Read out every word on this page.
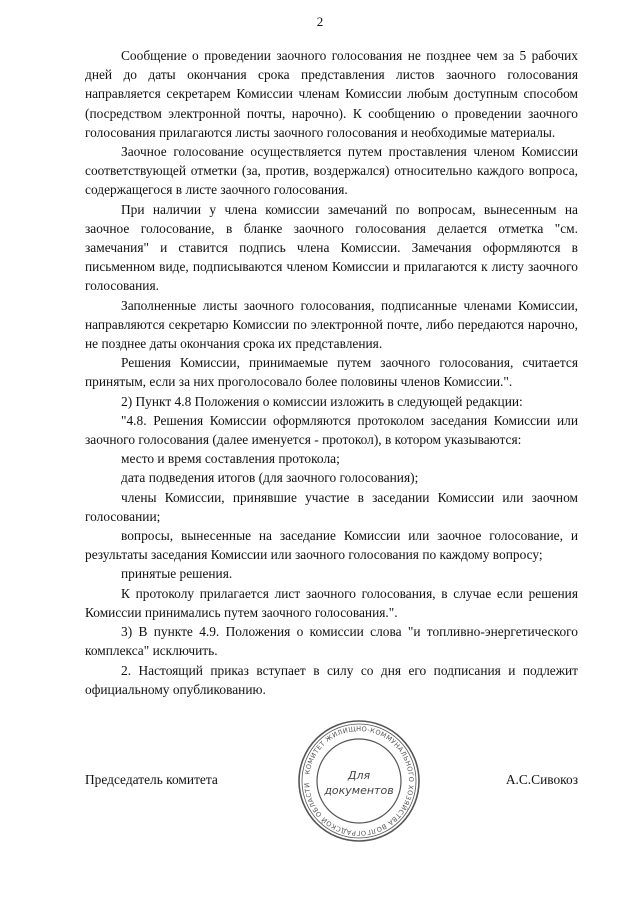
2

Сообщение о проведении заочного голосования не позднее чем за 5 рабочих дней до даты окончания срока представления листов заочного голосования направляется секретарем Комиссии членам Комиссии любым доступным способом (посредством электронной почты, нарочно). К сообщению о проведении заочного голосования прилагаются листы заочного голосования и необходимые материалы.

Заочное голосование осуществляется путем проставления членом Комиссии соответствующей отметки (за, против, воздержался) относительно каждого вопроса, содержащегося в листе заочного голосования.

При наличии у члена комиссии замечаний по вопросам, вынесенным на заочное голосование, в бланке заочного голосования делается отметка "см. замечания" и ставится подпись члена Комиссии. Замечания оформляются в письменном виде, подписываются членом Комиссии и прилагаются к листу заочного голосования.

Заполненные листы заочного голосования, подписанные членами Комиссии, направляются секретарю Комиссии по электронной почте, либо передаются нарочно, не позднее даты окончания срока их представления.

Решения Комиссии, принимаемые путем заочного голосования, считается принятым, если за них проголосовало более половины членов Комиссии.".

2) Пункт 4.8 Положения о комиссии изложить в следующей редакции:

"4.8. Решения Комиссии оформляются протоколом заседания Комиссии или заочного голосования (далее именуется - протокол), в котором указываются:

место и время составления протокола;

дата подведения итогов (для заочного голосования);

члены Комиссии, принявшие участие в заседании Комиссии или заочном голосовании;

вопросы, вынесенные на заседание Комиссии или заочное голосование, и результаты заседания Комиссии или заочного голосования по каждому вопросу;

принятые решения.

К протоколу прилагается лист заочного голосования, в случае если решения Комиссии принимались путем заочного голосования.".

3) В пункте 4.9. Положения о комиссии слова "и топливно-энергетического комплекса" исключить.

2. Настоящий приказ вступает в силу со дня его подписания и подлежит официальному опубликованию.

Председатель комитета	А.С.Сивокоз
КОМИТЕТ ЖИЛИЩНО-КОММУНАЛЬНОГО ХОЗЯЙСТВА ВОЛГОГРАДСКОЙ ОБЛАСТИ
Для
документов
